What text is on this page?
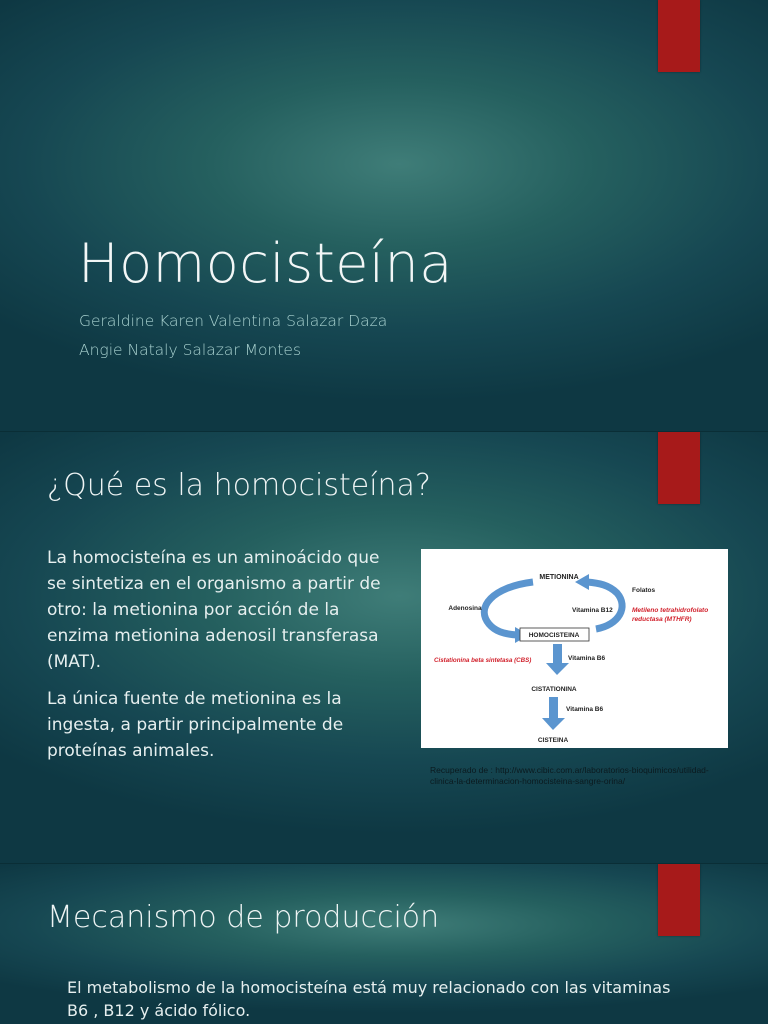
Homocisteína
Geraldine Karen Valentina Salazar Daza
Angie Nataly Salazar Montes
¿Qué es la homocisteína?

La homocisteína es un aminoácido que se sintetiza en el organismo a partir de otro: la metionina por acción de la enzima metionina adenosil transferasa (MAT).

La única fuente de metionina es la ingesta, a partir principalmente de proteínas animales.

METIONINA
Adenosina
Folatos
Vitamina B12	Metileno tetrahidrofolato
reductasa (MTHFR)
HOMOCISTEINA
Cistationina beta sintetasa (CBS)	Vitamina B6
CISTATIONINA
Vitamina B6
CISTEINA
Recuperado de : http://www.cibic.com.ar/laboratorios-bioquimicos/utilidad-clinica-la-determinacion-homocisteina-sangre-orina/
Mecanismo de producción

El metabolismo de la homocisteína está muy relacionado con las vitaminas B6 , B12 y ácido fólico.
